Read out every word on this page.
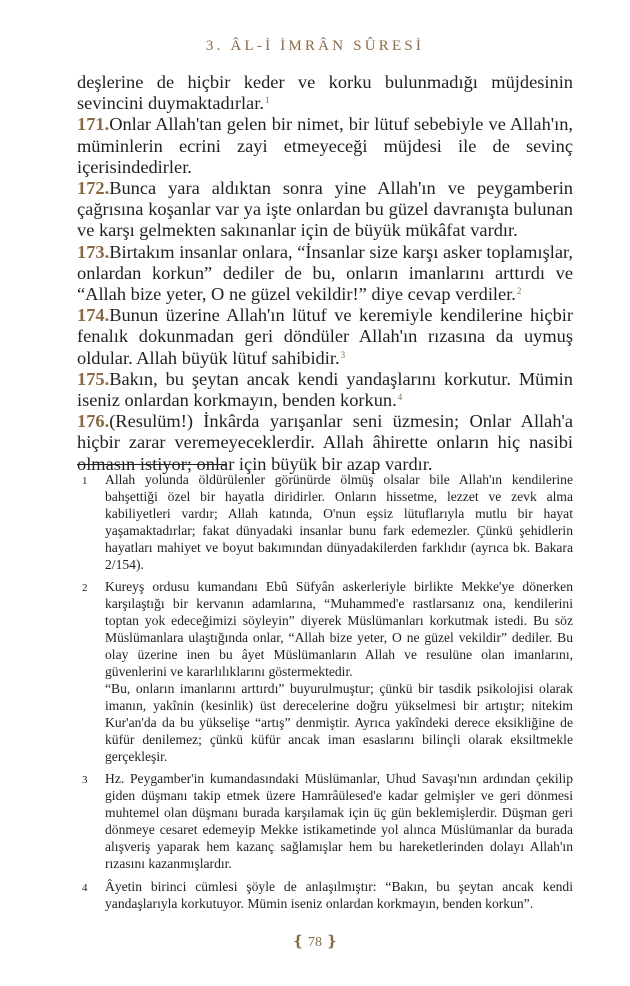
3. ÂL-İ İMRÂN SÛRESİ

deşlerine de hiçbir keder ve korku bulunmadığı müjdesinin sevincini duymaktadırlar.$^1$

171.Onlar Allah'tan gelen bir nimet, bir lütuf sebebiyle ve Allah'ın, müminlerin ecrini zayi etmeyeceği müjdesi ile de sevinç içerisindedirler.

172.Bunca yara aldıktan sonra yine Allah'ın ve peygamberin çağrısına koşanlar var ya işte onlardan bu güzel davranışta bulunan ve karşı gelmekten sakınanlar için de büyük mükâfat vardır.

173.Birtakım insanlar onlara, “İnsanlar size karşı asker toplamışlar, onlardan korkun” dediler de bu, onların imanlarını arttırdı ve “Allah bize yeter, O ne güzel vekildir!” diye cevap verdiler.$^2$

174.Bunun üzerine Allah'ın lütuf ve keremiyle kendilerine hiçbir fenalık dokunmadan geri döndüler Allah'ın rızasına da uymuş oldular. Allah büyük lütuf sahibidir.$^3$

175.Bakın, bu şeytan ancak kendi yandaşlarını korkutur. Mümin iseniz onlardan korkmayın, benden korkun.$^4$

176.(Resulüm!) İnkârda yarışanlar seni üzmesin; Onlar Allah'a hiçbir zarar veremeyeceklerdir. Allah âhirette onların hiç nasibi olmasın istiyor; onlar için büyük bir azap vardır.

1	Allah yolunda öldürülenler görünürde ölmüş olsalar bile Allah'ın kendilerine bahşettiği özel bir hayatla diridirler. Onların hissetme, lezzet ve zevk alma kabiliyetleri vardır; Allah katında, O'nun eşsiz lütuflarıyla mutlu bir hayat yaşamaktadırlar; fakat dünyadaki insanlar bunu fark edemezler. Çünkü şehidlerin hayatları mahiyet ve boyut bakımından dünyadakilerden farklıdır (ayrıca bk. Bakara 2/154).

2	Kureyş ordusu kumandanı Ebû Süfyân askerleriyle birlikte Mekke'ye dönerken karşılaştığı bir kervanın adamlarına, “Muhammed'e rastlarsanız ona, kendilerini toptan yok edeceğimizi söyleyin” diyerek Müslümanları korkutmak istedi. Bu söz Müslümanlara ulaştığında onlar, “Allah bize yeter, O ne güzel vekildir” dediler. Bu olay üzerine inen bu âyet Müslümanların Allah ve resulüne olan imanlarını, güvenlerini ve kararlılıklarını göstermektedir.

“Bu, onların imanlarını arttırdı” buyurulmuştur; çünkü bir tasdik psikolojisi olarak imanın, yakînin (kesinlik) üst derecelerine doğru yükselmesi bir artıştır; nitekim Kur'an'da da bu yükselişe “artış” denmiştir. Ayrıca yakîndeki derece eksikliğine de küfür denilemez; çünkü küfür ancak iman esaslarını bilinçli olarak eksiltmekle gerçekleşir.

3	Hz. Peygamber'in kumandasındaki Müslümanlar, Uhud Savaşı'nın ardından çekilip giden düşmanı takip etmek üzere Hamrâülesed'e kadar gelmişler ve geri dönmesi muhtemel olan düşmanı burada karşılamak için üç gün beklemişlerdir. Düşman geri dönmeye cesaret edemeyip Mekke istikametinde yol alınca Müslümanlar da burada alışveriş yaparak hem kazanç sağlamışlar hem bu hareketlerinden dolayı Allah'ın rızasını kazanmışlardır.

4	Âyetin birinci cümlesi şöyle de anlaşılmıştır: “Bakın, bu şeytan ancak kendi yandaşlarıyla korkutuyor. Mümin iseniz onlardan korkmayın, benden korkun”.

❴ 78 ❵
